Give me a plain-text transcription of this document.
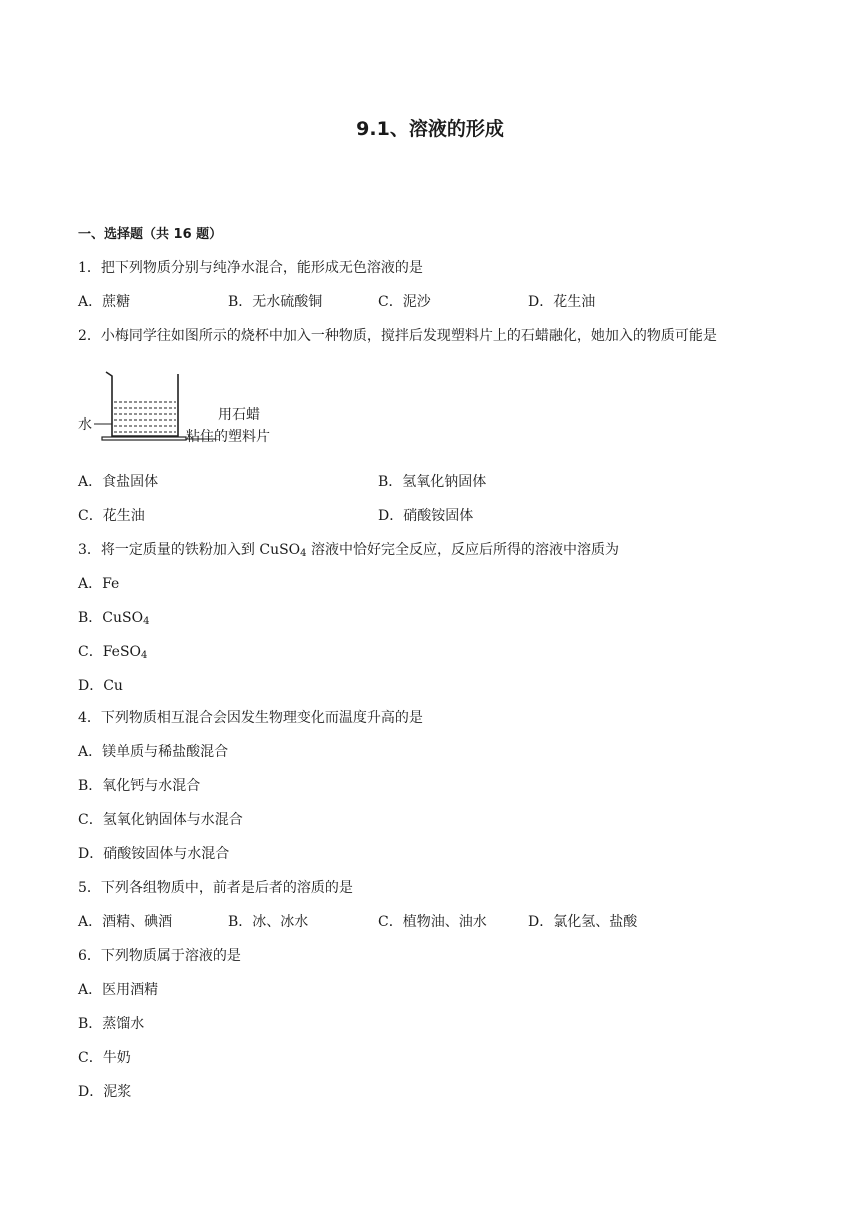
9.1、溶液的形成
一、选择题（共 16 题）
1．把下列物质分别与纯净水混合，能形成无色溶液的是
A．蔗糖	B．无水硫酸铜	C．泥沙	D．花生油
2．小梅同学往如图所示的烧杯中加入一种物质，搅拌后发现塑料片上的石蜡融化，她加入的物质可能是
水
用石蜡
粘住的塑料片
A．食盐固体	B．氢氧化钠固体
C．花生油	D．硝酸铵固体
3．将一定质量的铁粉加入到 CuSO$_4$ 溶液中恰好完全反应，反应后所得的溶液中溶质为
A．Fe
B．CuSO$_4$
C．FeSO$_4$
D．Cu
4．下列物质相互混合会因发生物理变化而温度升高的是
A．镁单质与稀盐酸混合
B．氧化钙与水混合
C．氢氧化钠固体与水混合
D．硝酸铵固体与水混合
5．下列各组物质中，前者是后者的溶质的是
A．酒精、碘酒	B．冰、冰水	C．植物油、油水	D．氯化氢、盐酸
6．下列物质属于溶液的是
A．医用酒精
B．蒸馏水
C．牛奶
D．泥浆
